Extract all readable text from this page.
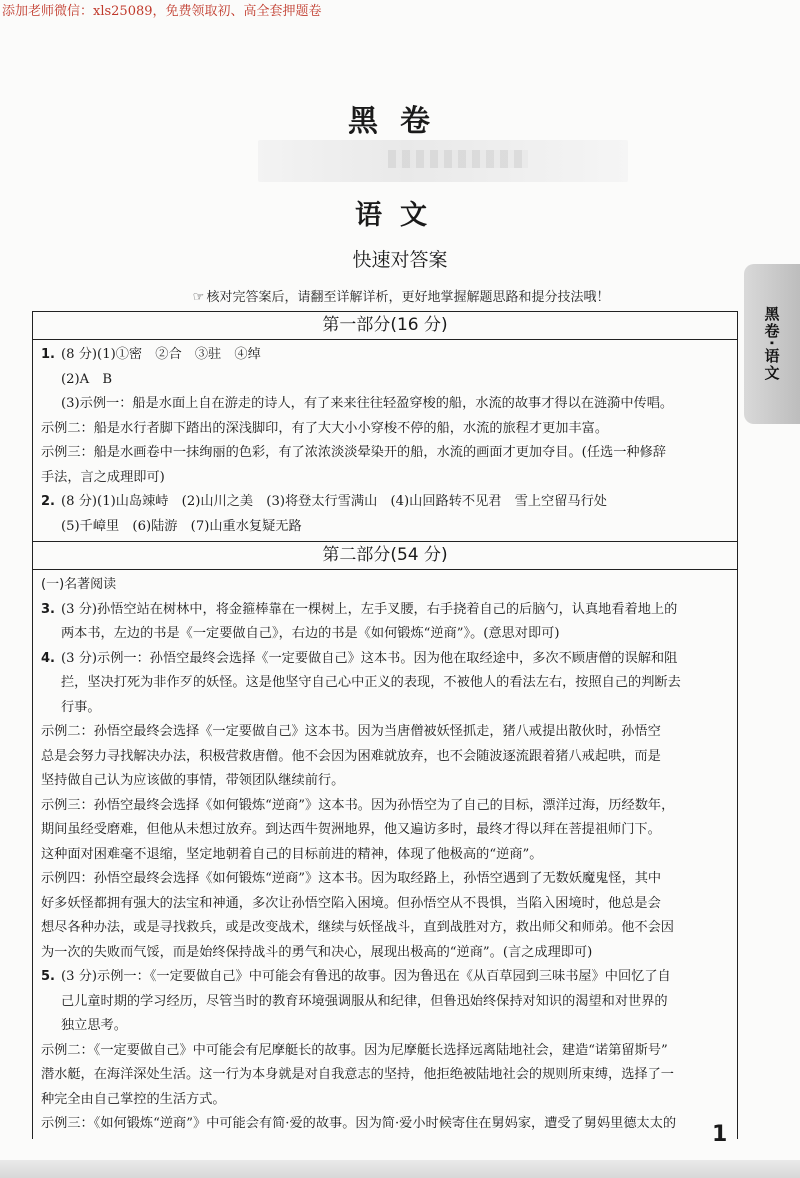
添加老师微信：xls25089，免费领取初、高全套押题卷
黑卷
语文
快速对答案
☞ 核对完答案后，请翻至详解详析，更好地掌握解题思路和提分技法哦！
黑卷·语文
第一部分(16 分)
1. (8 分)(1)①密　②合　③驻　④绰
(2)A　B
(3)示例一：船是水面上自在游走的诗人，有了来来往往轻盈穿梭的船，水流的故事才得以在涟漪中传唱。
示例二：船是水行者脚下踏出的深浅脚印，有了大大小小穿梭不停的船，水流的旅程才更加丰富。
示例三：船是水画卷中一抹绚丽的色彩，有了浓浓淡淡晕染开的船，水流的画面才更加夺目。(任选一种修辞
手法，言之成理即可)
2. (8 分)(1)山岛竦峙　(2)山川之美　(3)将登太行雪满山　(4)山回路转不见君　雪上空留马行处
(5)千嶂里　(6)陆游　(7)山重水复疑无路
第二部分(54 分)
(一)名著阅读
3. (3 分)孙悟空站在树林中，将金箍棒靠在一棵树上，左手叉腰，右手挠着自己的后脑勺，认真地看着地上的
两本书，左边的书是《一定要做自己》，右边的书是《如何锻炼“逆商”》。(意思对即可)
4. (3 分)示例一：孙悟空最终会选择《一定要做自己》这本书。因为他在取经途中，多次不顾唐僧的误解和阻
拦，坚决打死为非作歹的妖怪。这是他坚守自己心中正义的表现，不被他人的看法左右，按照自己的判断去
行事。
示例二：孙悟空最终会选择《一定要做自己》这本书。因为当唐僧被妖怪抓走，猪八戒提出散伙时，孙悟空
总是会努力寻找解决办法，积极营救唐僧。他不会因为困难就放弃，也不会随波逐流跟着猪八戒起哄，而是
坚持做自己认为应该做的事情，带领团队继续前行。
示例三：孙悟空最终会选择《如何锻炼“逆商”》这本书。因为孙悟空为了自己的目标，漂洋过海，历经数年，
期间虽经受磨难，但他从未想过放弃。到达西牛贺洲地界，他又遍访多时，最终才得以拜在菩提祖师门下。
这种面对困难毫不退缩，坚定地朝着自己的目标前进的精神，体现了他极高的“逆商”。
示例四：孙悟空最终会选择《如何锻炼“逆商”》这本书。因为取经路上，孙悟空遇到了无数妖魔鬼怪，其中
好多妖怪都拥有强大的法宝和神通，多次让孙悟空陷入困境。但孙悟空从不畏惧，当陷入困境时，他总是会
想尽各种办法，或是寻找救兵，或是改变战术，继续与妖怪战斗，直到战胜对方，救出师父和师弟。他不会因
为一次的失败而气馁，而是始终保持战斗的勇气和决心，展现出极高的“逆商”。(言之成理即可)
5. (3 分)示例一：《一定要做自己》中可能会有鲁迅的故事。因为鲁迅在《从百草园到三味书屋》中回忆了自
己儿童时期的学习经历，尽管当时的教育环境强调服从和纪律，但鲁迅始终保持对知识的渴望和对世界的
独立思考。
示例二：《一定要做自己》中可能会有尼摩艇长的故事。因为尼摩艇长选择远离陆地社会，建造“诺第留斯号”
潜水艇，在海洋深处生活。这一行为本身就是对自我意志的坚持，他拒绝被陆地社会的规则所束缚，选择了一
种完全由自己掌控的生活方式。
示例三：《如何锻炼“逆商”》中可能会有简·爱的故事。因为简·爱小时候寄住在舅妈家，遭受了舅妈里德太太的	1
